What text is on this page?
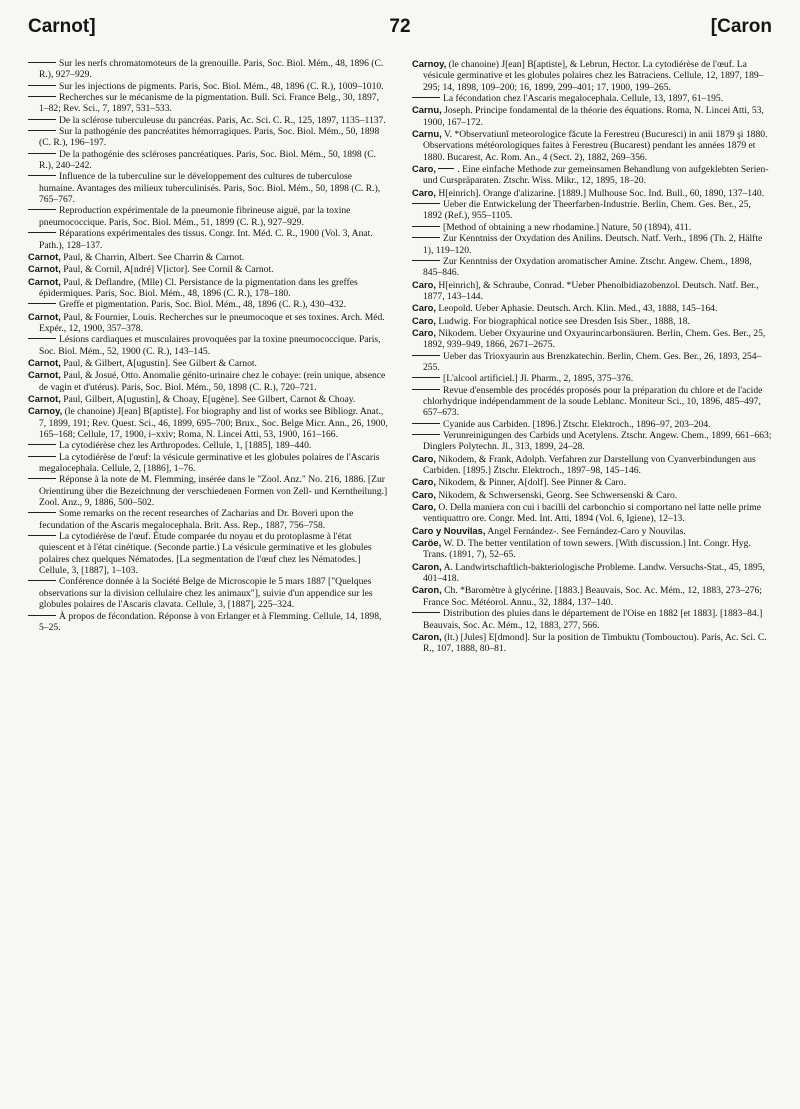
Carnot]	72	[Caron

Sur les nerfs chromatomoteurs de la grenouille. Paris, Soc. Biol. Mém., 48, 1896 (C. R.), 927–929.

Sur les injections de pigments. Paris, Soc. Biol. Mém., 48, 1896 (C. R.), 1009–1010.

Recherches sur le mécanisme de la pigmentation. Bull. Sci. France Belg., 30, 1897, 1–82; Rev. Sci., 7, 1897, 531–533.

De la sclérose tuberculeuse du pancréas. Paris, Ac. Sci. C. R., 125, 1897, 1135–1137.

Sur la pathogénie des pancréatites hémorragiques. Paris, Soc. Biol. Mém., 50, 1898 (C. R.), 196–197.

De la pathogénie des scléroses pancréatiques. Paris, Soc. Biol. Mém., 50, 1898 (C. R.), 240–242.

Influence de la tuberculine sur le développement des cultures de tuberculose humaine. Avantages des milieux tuberculinisés. Paris, Soc. Biol. Mém., 50, 1898 (C. R.), 765–767.

Reproduction expérimentale de la pneumonie fibrineuse aiguë, par la toxine pneumococcique. Paris, Soc. Biol. Mém., 51, 1899 (C. R.), 927–929.

Réparations expérimentales des tissus. Congr. Int. Méd. C. R., 1900 (Vol. 3, Anat. Path.), 128–137.

Carnot, Paul, & Charrin, Albert. See Charrin & Carnot.

Carnot, Paul, & Cornil, A[ndré] V[ictor]. See Cornil & Carnot.

Carnot, Paul, & Deflandre, (Mlle) Cl. Persistance de la pigmentation dans les greffes épidermiques. Paris, Soc. Biol. Mém., 48, 1896 (C. R.), 178–180.

Greffe et pigmentation. Paris, Soc. Biol. Mém., 48, 1896 (C. R.), 430–432.

Carnot, Paul, & Fournier, Louis. Recherches sur le pneumocoque et ses toxines. Arch. Méd. Expér., 12, 1900, 357–378.

Lésions cardiaques et musculaires provoquées par la toxine pneumococcique. Paris, Soc. Biol. Mém., 52, 1900 (C. R.), 143–145.

Carnot, Paul, & Gilbert, A[ugustin]. See Gilbert & Carnot.

Carnot, Paul, & Josué, Otto. Anomalie génito-urinaire chez le cobaye: (rein unique, absence de vagin et d'utérus). Paris, Soc. Biol. Mém., 50, 1898 (C. R.), 720–721.

Carnot, Paul, Gilbert, A[ugustin], & Choay, E[ugène]. See Gilbert, Carnot & Choay.

Carnoy, (le chanoine) J[ean] B[aptiste]. For biography and list of works see Bibliogr. Anat., 7, 1899, 191; Rev. Quest. Sci., 46, 1899, 695–700; Brux., Soc. Belge Micr. Ann., 26, 1900, 165–168; Cellule, 17, 1900, i–xxiv; Roma, N. Lincei Atti, 53, 1900, 161–166.

La cytodiérèse chez les Arthropodes. Cellule, 1, [1885], 189–440.

La cytodiérèse de l'œuf: la vésicule germinative et les globules polaires de l'Ascaris megalocephala. Cellule, 2, [1886], 1–76.

Réponse à la note de M. Flemming, insérée dans le "Zool. Anz." No. 216, 1886. [Zur Orientirung über die Bezeichnung der verschiedenen Formen von Zell- und Kerntheilung.] Zool. Anz., 9, 1886, 500–502.

Some remarks on the recent researches of Zacharias and Dr. Boveri upon the fecundation of the Ascaris megalocephala. Brit. Ass. Rep., 1887, 756–758.

La cytodiérèse de l'œuf. Étude comparée du noyau et du protoplasme à l'état quiescent et à l'état cinétique. (Seconde partie.) La vésicule germinative et les globules polaires chez quelques Nématodes. [La segmentation de l'œuf chez les Nématodes.] Cellule, 3, [1887], 1–103.

Conférence donnée à la Société Belge de Microscopie le 5 mars 1887 ["Quelques observations sur la division cellulaire chez les animaux"], suivie d'un appendice sur les globules polaires de l'Ascaris clavata. Cellule, 3, [1887], 225–324.

À propos de fécondation. Réponse à von Erlanger et à Flemming. Cellule, 14, 1898, 5–25.

Carnoy, (le chanoine) J[ean] B[aptiste], & Lebrun, Hector. La cytodiérèse de l'œuf. La vésicule germinative et les globules polaires chez les Batraciens. Cellule, 12, 1897, 189–295; 14, 1898, 109–200; 16, 1899, 299–401; 17, 1900, 199–265.

La fécondation chez l'Ascaris megalocephala. Cellule, 13, 1897, 61–195.

Carnu, Joseph. Principe fondamental de la théorie des équations. Roma, N. Lincei Atti, 53, 1900, 167–172.

Carnu, V. *Observatiunĭ meteorologice făcute la Ferestreu (Bucuresci) in anii 1879 şi 1880. Observations météorologiques faites à Ferestreu (Bucarest) pendant les années 1879 et 1880. Bucarest, Ac. Rom. An., 4 (Sect. 2), 1882, 269–356.

Caro, . Eine einfache Methode zur gemeinsamen Behandlung von aufgeklebten Serien- und Curspräparaten. Ztschr. Wiss. Mikr., 12, 1895, 18–20.

Caro, H[einrich]. Orange d'alizarine. [1889.] Mulhouse Soc. Ind. Bull., 60, 1890, 137–140.

Ueber die Entwickelung der Theerfarben-Industrie. Berlin, Chem. Ges. Ber., 25, 1892 (Ref.), 955–1105.

[Method of obtaining a new rhodamine.] Nature, 50 (1894), 411.

Zur Kenntniss der Oxydation des Anilins. Deutsch. Natf. Verh., 1896 (Th. 2, Hälfte 1), 119–120.

Zur Kenntniss der Oxydation aromatischer Amine. Ztschr. Angew. Chem., 1898, 845–846.

Caro, H[einrich], & Schraube, Conrad. *Ueber Phenolbidiazobenzol. Deutsch. Natf. Ber., 1877, 143–144.

Caro, Leopold. Ueber Aphasie. Deutsch. Arch. Klin. Med., 43, 1888, 145–164.

Caro, Ludwig. For biographical notice see Dresden Isis Sber., 1888, 18.

Caro, Nikodem. Ueber Oxyaurine und Oxyaurincarbonsäuren. Berlin, Chem. Ges. Ber., 25, 1892, 939–949, 1866, 2671–2675.

Ueber das Trioxyaurin aus Brenzkatechin. Berlin, Chem. Ges. Ber., 26, 1893, 254–255.

[L'alcool artificiel.] Jl. Pharm., 2, 1895, 375–376.

Revue d'ensemble des procédés proposés pour la préparation du chlore et de l'acide chlorhydrique indépendamment de la soude Leblanc. Moniteur Sci., 10, 1896, 485–497, 657–673.

Cyanide aus Carbiden. [1896.] Ztschr. Elektroch., 1896–97, 203–204.

Verunreinigungen des Carbids und Acetylens. Ztschr. Angew. Chem., 1899, 661–663; Dinglers Polytechn. Jl., 313, 1899, 24–28.

Caro, Nikodem, & Frank, Adolph. Verfahren zur Darstellung von Cyanverbindungen aus Carbiden. [1895.] Ztschr. Elektroch., 1897–98, 145–146.

Caro, Nikodem, & Pinner, A[dolf]. See Pinner & Caro.

Caro, Nikodem, & Schwersenski, Georg. See Schwersenski & Caro.

Caro, O. Della maniera con cui i bacilli del carbonchio si comportano nel latte nelle prime ventiquattro ore. Congr. Med. Int. Atti, 1894 (Vol. 6, Igiene), 12–13.

Caro y Nouvilas, Angel Fernández-. See Fernández-Caro y Nouvilas.

Caröe, W. D. The better ventilation of town sewers. [With discussion.] Int. Congr. Hyg. Trans. (1891, 7), 52–65.

Caron, A. Landwirtschaftlich-bakteriologische Probleme. Landw. Versuchs-Stat., 45, 1895, 401–418.

Caron, Ch. *Baromètre à glycérine. [1883.] Beauvais, Soc. Ac. Mém., 12, 1883, 273–276; France Soc. Météorol. Annu., 32, 1884, 137–140.

Distribution des pluies dans le département de l'Oise en 1882 [et 1883]. [1883–84.] Beauvais, Soc. Ac. Mém., 12, 1883, 277, 566.

Caron, (lt.) [Jules] E[dmond]. Sur la position de Timbuktu (Tombouctou). Paris, Ac. Sci. C. R., 107, 1888, 80–81.
